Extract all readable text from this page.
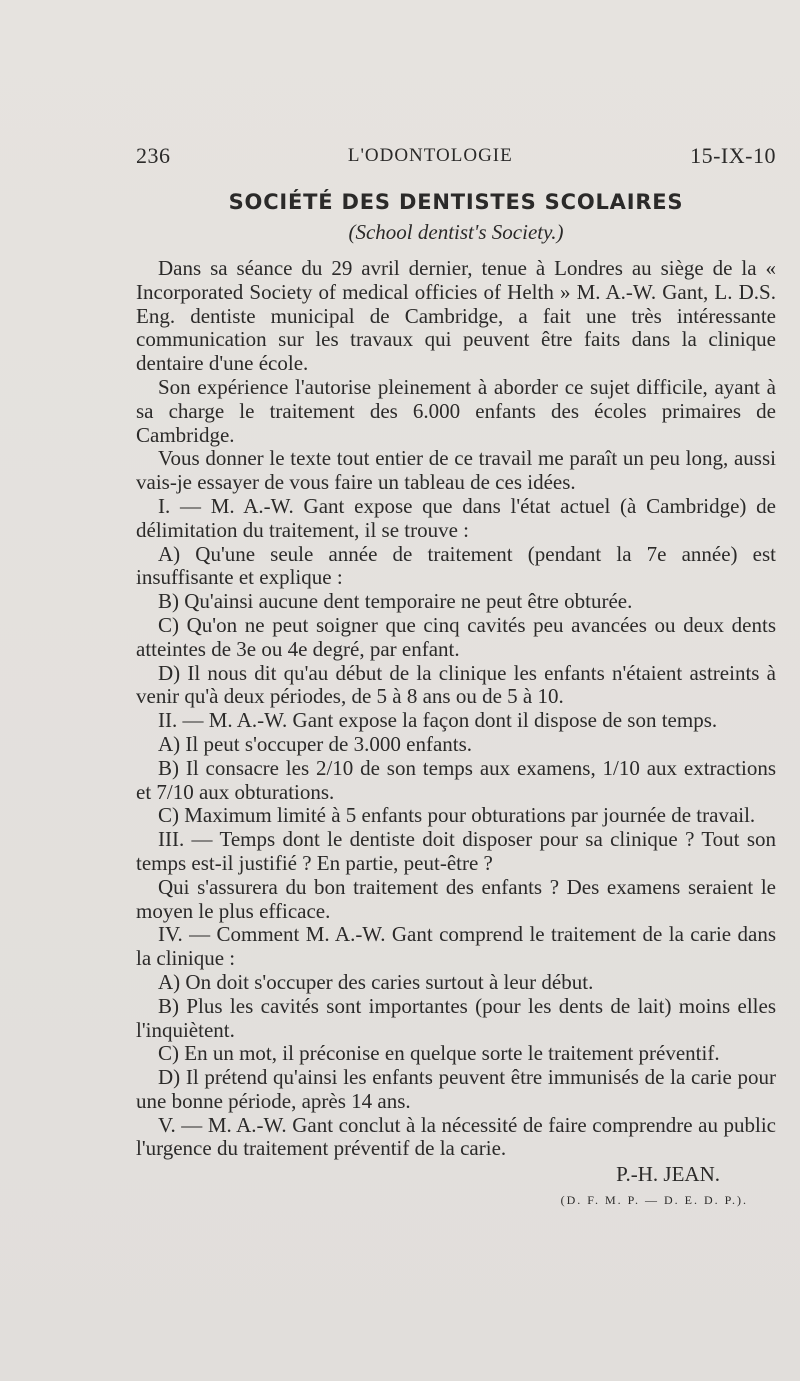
236	L'ODONTOLOGIE	15-IX-10
SOCIÉTÉ DES DENTISTES SCOLAIRES
(School dentist's Society.)

Dans sa séance du 29 avril dernier, tenue à Londres au siège de la « Incorporated Society of medical officies of Helth » M. A.-W. Gant, L. D.S. Eng. dentiste municipal de Cambridge, a fait une très intéressante communication sur les travaux qui peuvent être faits dans la clinique dentaire d'une école.

Son expérience l'autorise pleinement à aborder ce sujet difficile, ayant à sa charge le traitement des 6.000 enfants des écoles primaires de Cambridge.

Vous donner le texte tout entier de ce travail me paraît un peu long, aussi vais-je essayer de vous faire un tableau de ces idées.

I. — M. A.-W. Gant expose que dans l'état actuel (à Cambridge) de délimitation du traitement, il se trouve :

A) Qu'une seule année de traitement (pendant la 7e année) est insuffisante et explique :

B) Qu'ainsi aucune dent temporaire ne peut être obturée.

C) Qu'on ne peut soigner que cinq cavités peu avancées ou deux dents atteintes de 3e ou 4e degré, par enfant.

D) Il nous dit qu'au début de la clinique les enfants n'étaient astreints à venir qu'à deux périodes, de 5 à 8 ans ou de 5 à 10.

II. — M. A.-W. Gant expose la façon dont il dispose de son temps.

A) Il peut s'occuper de 3.000 enfants.

B) Il consacre les 2/10 de son temps aux examens, 1/10 aux extractions et 7/10 aux obturations.

C) Maximum limité à 5 enfants pour obturations par journée de travail.

III. — Temps dont le dentiste doit disposer pour sa clinique ? Tout son temps est-il justifié ? En partie, peut-être ?

Qui s'assurera du bon traitement des enfants ? Des examens seraient le moyen le plus efficace.

IV. — Comment M. A.-W. Gant comprend le traitement de la carie dans la clinique :

A) On doit s'occuper des caries surtout à leur début.

B) Plus les cavités sont importantes (pour les dents de lait) moins elles l'inquiètent.

C) En un mot, il préconise en quelque sorte le traitement préventif.

D) Il prétend qu'ainsi les enfants peuvent être immunisés de la carie pour une bonne période, après 14 ans.

V. — M. A.-W. Gant conclut à la nécessité de faire comprendre au public l'urgence du traitement préventif de la carie.

P.-H. JEAN.
(D. F. M. P. — D. E. D. P.).
